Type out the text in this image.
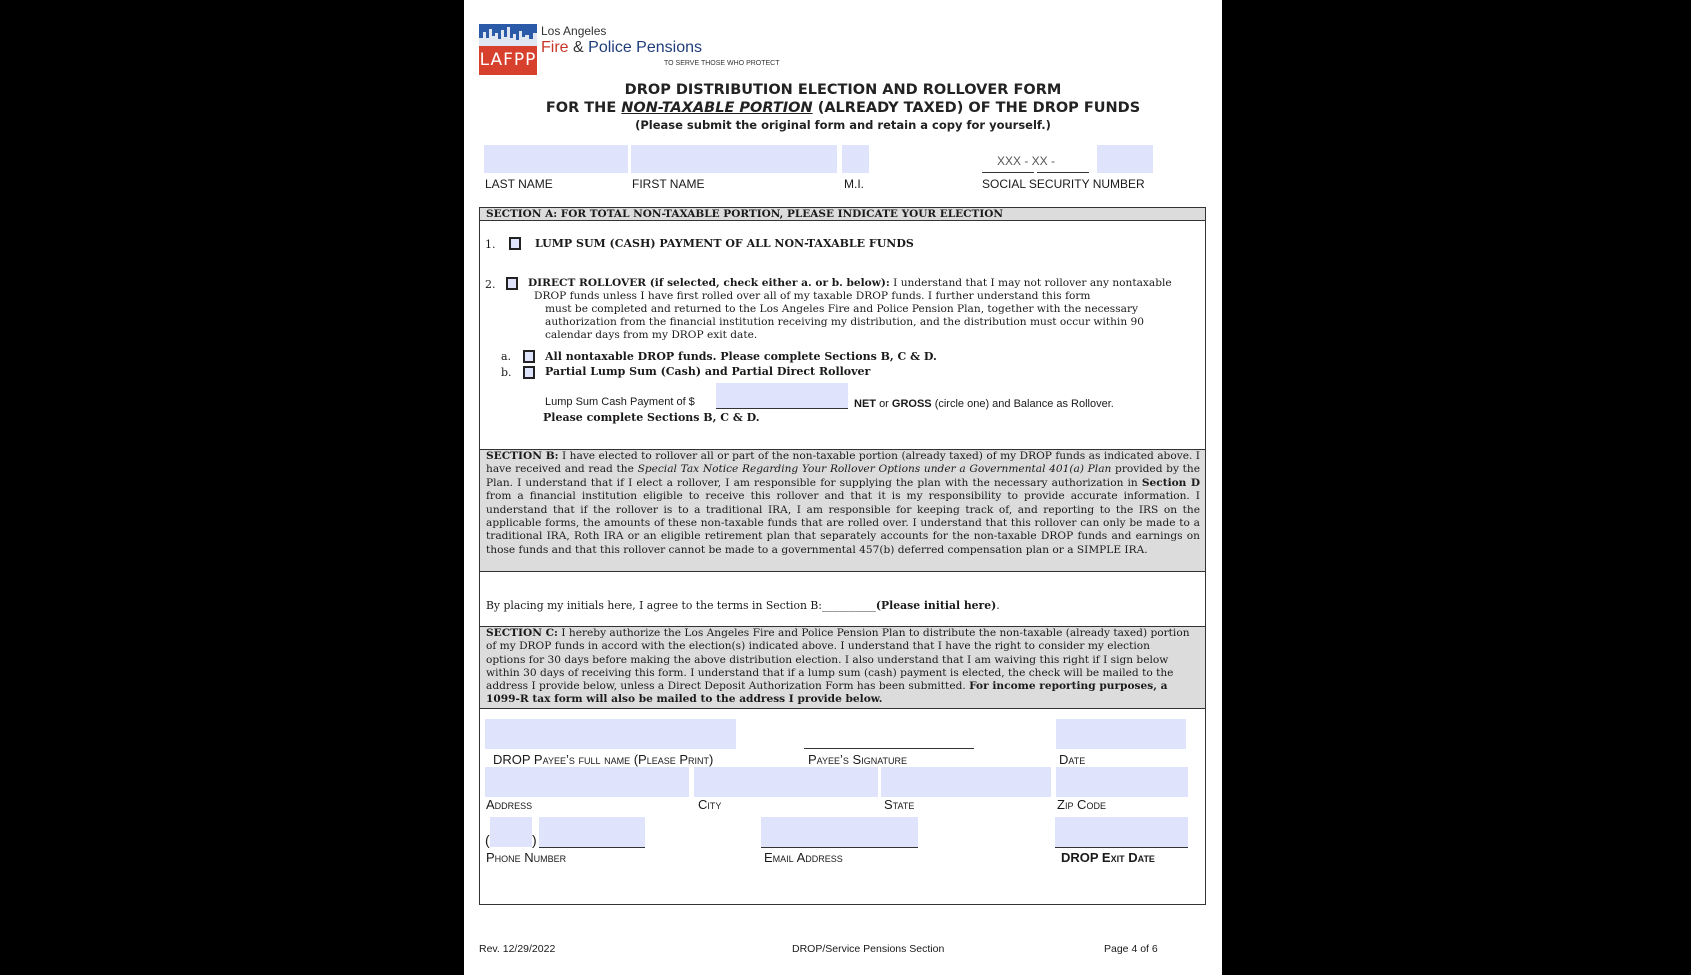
LAFPP
Los Angeles
Fire & Police Pensions
TO SERVE THOSE WHO PROTECT
DROP DISTRIBUTION ELECTION AND ROLLOVER FORM
FOR THE NON-TAXABLE PORTION (ALREADY TAXED) OF THE DROP FUNDS
(Please submit the original form and retain a copy for yourself.)
LAST NAME	FIRST NAME	M.I.
XXX - XX -
SOCIAL SECURITY NUMBER
SECTION A: FOR TOTAL NON-TAXABLE PORTION, PLEASE INDICATE YOUR ELECTION
1.	LUMP SUM (CASH) PAYMENT OF ALL NON-TAXABLE FUNDS
2.	DIRECT ROLLOVER (if selected, check either a. or b. below): I understand that I may not rollover any nontaxable
DROP funds unless I have first rolled over all of my taxable DROP funds. I further understand this form
must be completed and returned to the Los Angeles Fire and Police Pension Plan, together with the necessary
authorization from the financial institution receiving my distribution, and the distribution must occur within 90
calendar days from my DROP exit date.
a.	All nontaxable DROP funds. Please complete Sections B, C & D.
b.	Partial Lump Sum (Cash) and Partial Direct Rollover
Lump Sum Cash Payment of $	NET or GROSS (circle one) and Balance as Rollover.
Please complete Sections B, C & D.
SECTION B: I have elected to rollover all or part of the non-taxable portion (already taxed) of my DROP funds as indicated above. I have received and read the Special Tax Notice Regarding Your Rollover Options under a Governmental 401(a) Plan provided by the Plan. I understand that if I elect a rollover, I am responsible for supplying the plan with the necessary authorization in Section D from a financial institution eligible to receive this rollover and that it is my responsibility to provide accurate information. I understand that if the rollover is to a traditional IRA, I am responsible for keeping track of, and reporting to the IRS on the applicable forms, the amounts of these non-taxable funds that are rolled over. I understand that this rollover can only be made to a traditional IRA, Roth IRA or an eligible retirement plan that separately accounts for the non-taxable DROP funds and earnings on those funds and that this rollover cannot be made to a governmental 457(b) deferred compensation plan or a SIMPLE IRA.
By placing my initials here, I agree to the terms in Section B:__________(Please initial here).
SECTION C: I hereby authorize the Los Angeles Fire and Police Pension Plan to distribute the non-taxable (already taxed) portion of my DROP funds in accord with the election(s) indicated above. I understand that I have the right to consider my election options for 30 days before making the above distribution election. I also understand that I am waiving this right if I sign below within 30 days of receiving this form. I understand that if a lump sum (cash) payment is elected, the check will be mailed to the address I provide below, unless a Direct Deposit Authorization Form has been submitted. For income reporting purposes, a 1099-R tax form will also be mailed to the address I provide below.
DROP Payee’s full name (Please Print)	Payee’s Signature	Date
Address	City	State	Zip Code
(	)
Phone Number	Email Address	DROP Exit Date
Rev. 12/29/2022	DROP/Service Pensions Section	Page 4 of 6
